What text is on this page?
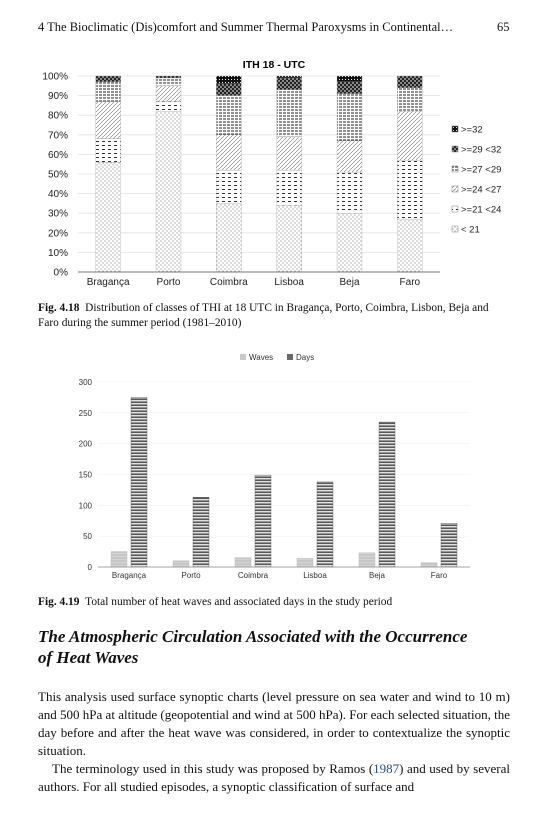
4 The Bioclimatic (Dis)comfort and Summer Thermal Paroxysms in Continental…	65
ITH 18 - UTC
0%
10%
20%
30%
40%
50%
60%
70%
80%
90%
100%
Bragança	Porto	Coimbra	Lisboa	Beja	Faro
>=32
>=29 <32
>=27 <29
>=24 <27
>=21 <24
< 21
Fig. 4.18 Distribution of classes of THI at 18 UTC in Bragança, Porto, Coimbra, Lisbon, Beja and Faro during the summer period (1981–2010)
Waves	Days
0
50
100
150
200
250
300
Bragança	Porto	Coimbra	Lisboa	Beja	Faro
Fig. 4.19 Total number of heat waves and associated days in the study period
The Atmospheric Circulation Associated with the Occurrence
of Heat Waves
This analysis used surface synoptic charts (level pressure on sea water and wind to 10 m) and 500 hPa at altitude (geopotential and wind at 500 hPa). For each selected situation, the day before and after the heat wave was considered, in order to contextualize the synoptic situation.
The terminology used in this study was proposed by Ramos (1987) and used by several authors. For all studied episodes, a synoptic classification of surface and
